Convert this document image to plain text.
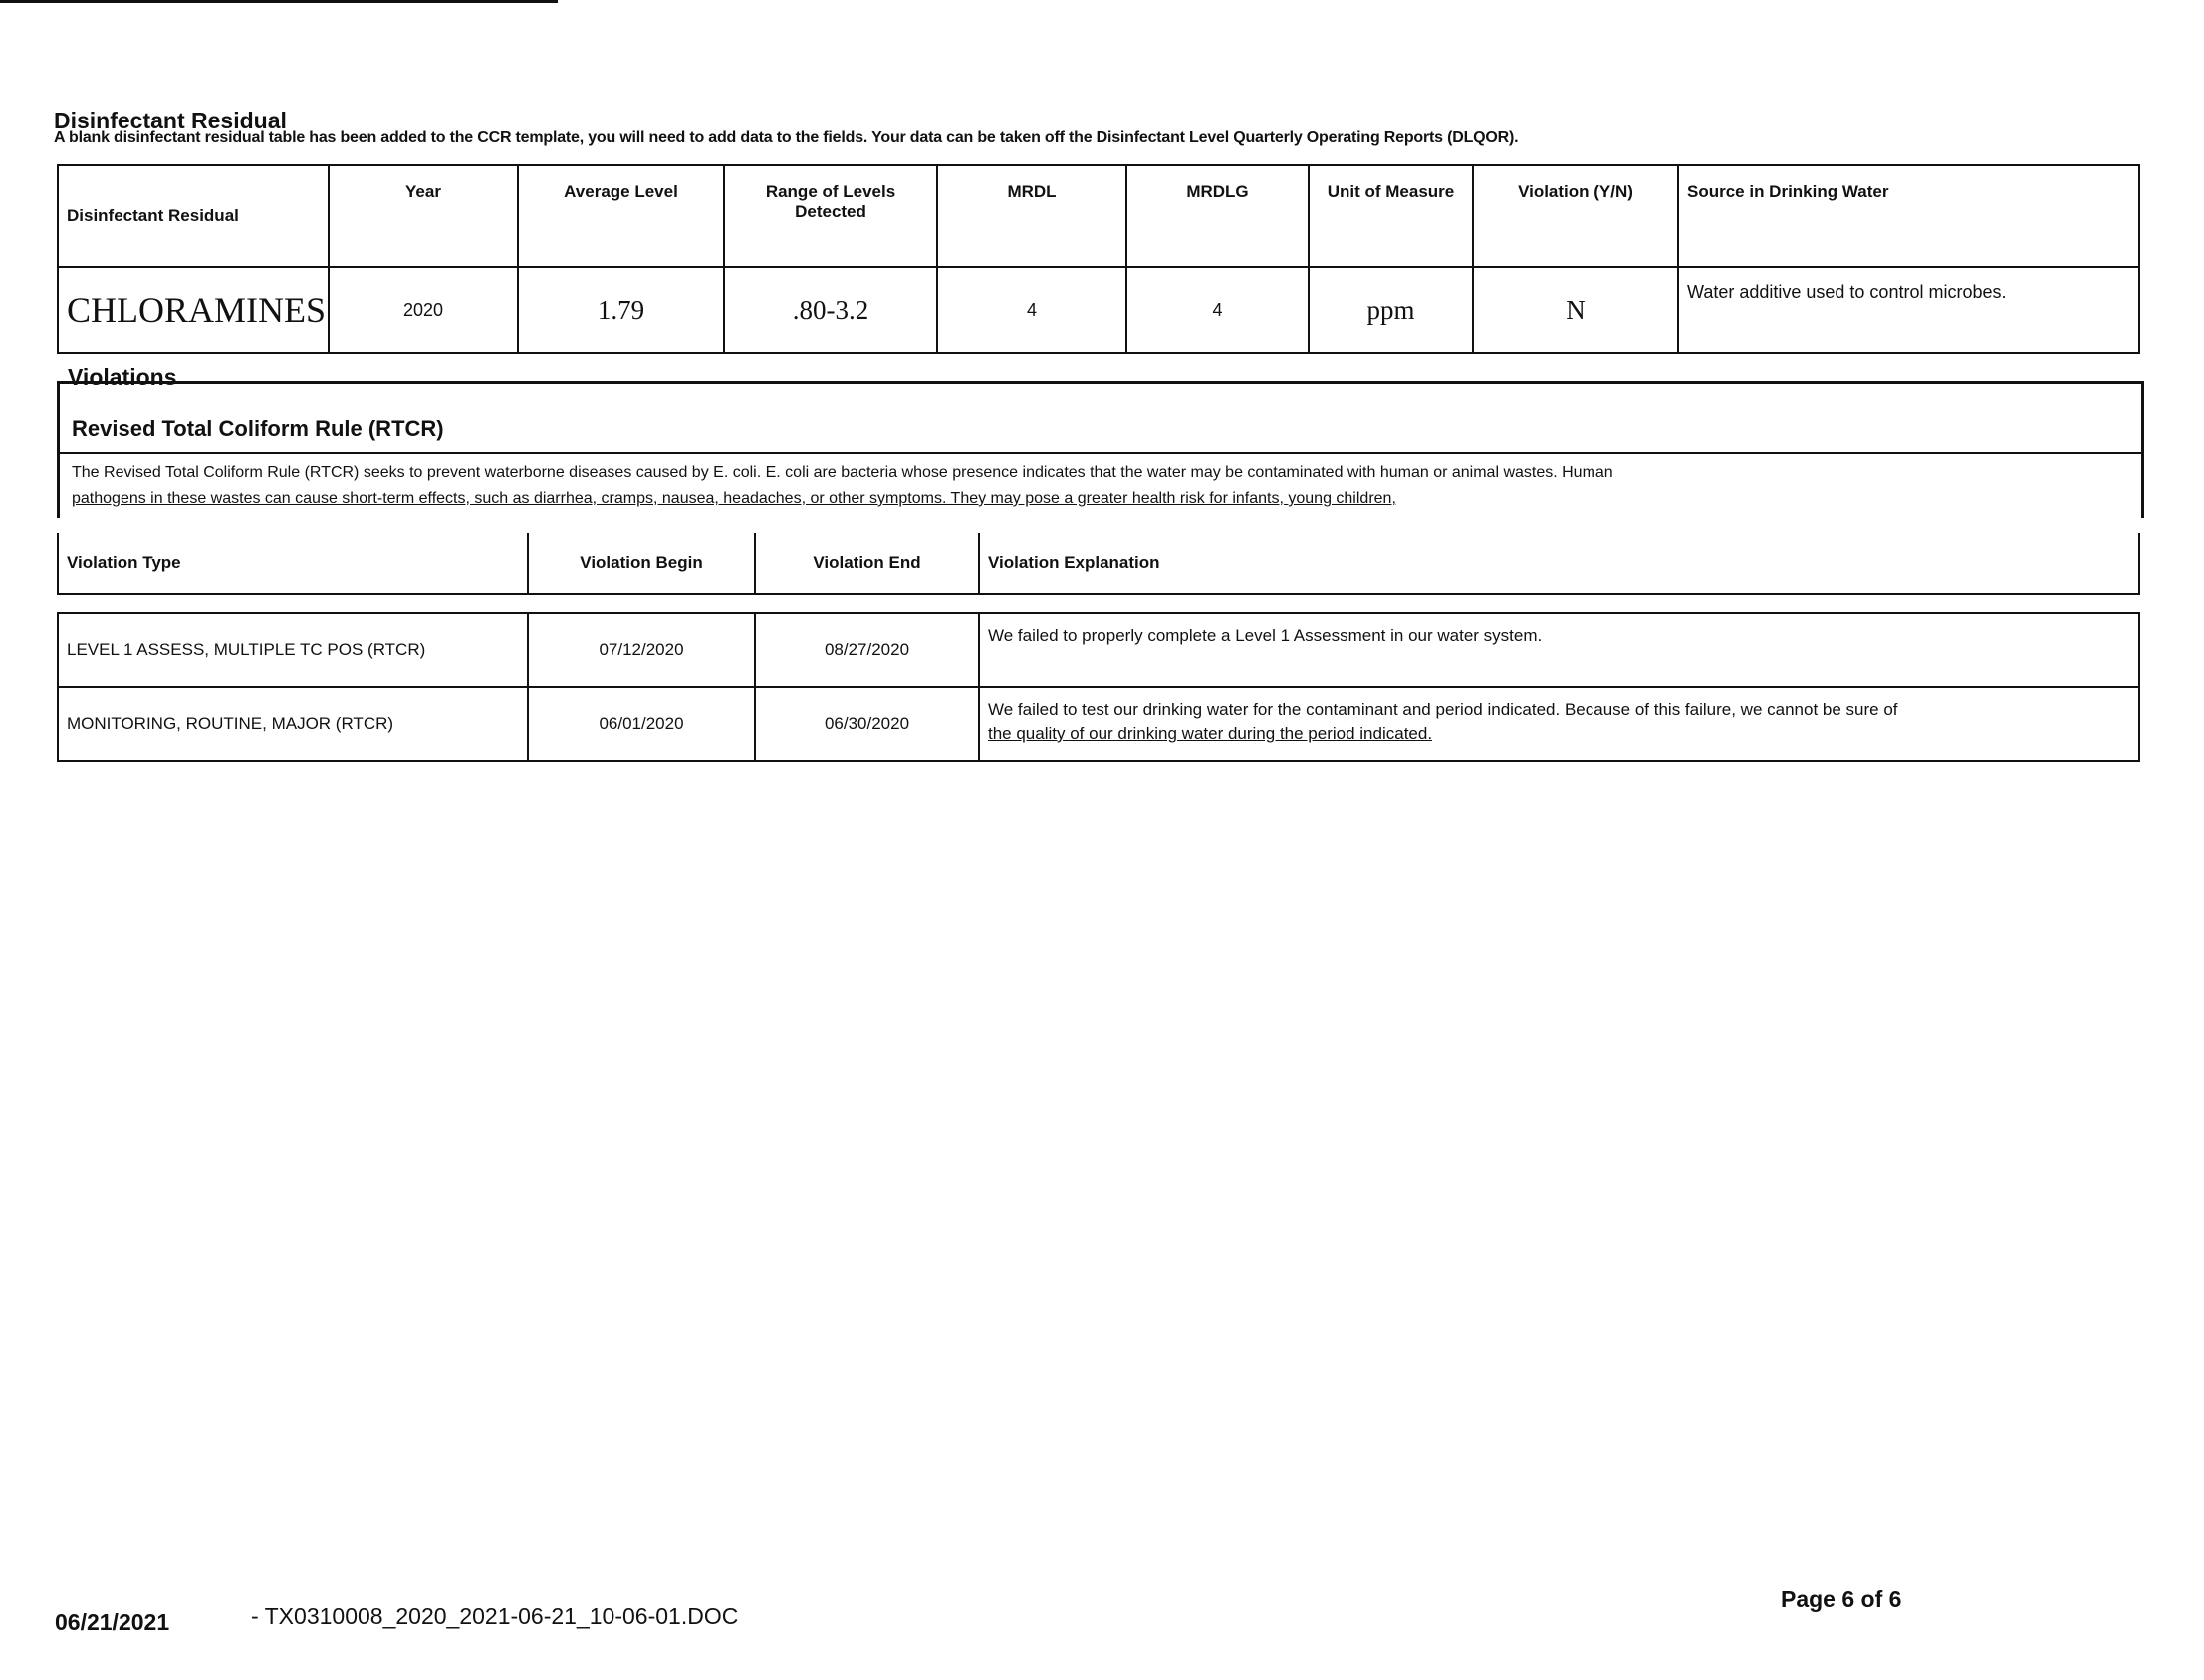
Disinfectant Residual
A blank disinfectant residual table has been added to the CCR template, you will need to add data to the fields. Your data can be taken off the Disinfectant Level Quarterly Operating Reports (DLQOR).
Disinfectant Residual	Year	Average Level	Range of Levels Detected	MRDL	MRDLG	Unit of Measure	Violation (Y/N)	Source in Drinking Water
CHLORAMINES	2020	1.79	.80-3.2	4	4	ppm	N	Water additive used to control microbes.
Violations
Revised Total Coliform Rule (RTCR)
The Revised Total Coliform Rule (RTCR) seeks to prevent waterborne diseases caused by E. coli. E. coli are bacteria whose presence indicates that the water may be contaminated with human or animal wastes. Human
pathogens in these wastes can cause short-term effects, such as diarrhea, cramps, nausea, headaches, or other symptoms. They may pose a greater health risk for infants, young children,
Violation Type	Violation Begin	Violation End	Violation Explanation

LEVEL 1 ASSESS, MULTIPLE TC POS (RTCR)	07/12/2020	08/27/2020	We failed to properly complete a Level 1 Assessment in our water system.
MONITORING, ROUTINE, MAJOR (RTCR)	06/01/2020	06/30/2020	We failed to test our drinking water for the contaminant and period indicated. Because of this failure, we cannot be sure of
the quality of our drinking water during the period indicated.
06/21/2021	- TX0310008_2020_2021-06-21_10-06-01.DOC
Page 6 of 6
